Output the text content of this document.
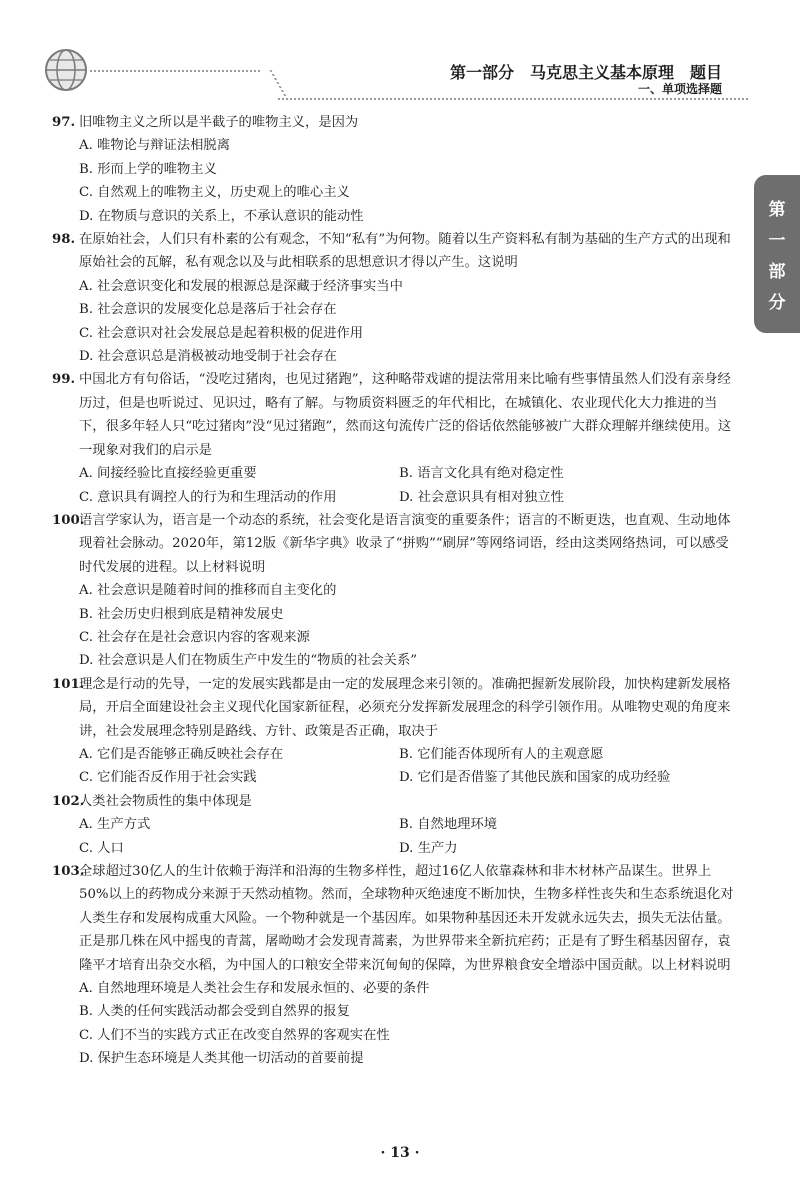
第一部分　马克思主义基本原理　题目
一、单项选择题
第
一
部
分
97. 旧唯物主义之所以是半截子的唯物主义，是因为
A. 唯物论与辩证法相脱离
B. 形而上学的唯物主义
C. 自然观上的唯物主义，历史观上的唯心主义
D. 在物质与意识的关系上，不承认意识的能动性
98. 在原始社会，人们只有朴素的公有观念，不知“私有”为何物。随着以生产资料私有制为基础的生产方式的出现和原始社会的瓦解，私有观念以及与此相联系的思想意识才得以产生。这说明
A. 社会意识变化和发展的根源总是深藏于经济事实当中
B. 社会意识的发展变化总是落后于社会存在
C. 社会意识对社会发展总是起着积极的促进作用
D. 社会意识总是消极被动地受制于社会存在
99. 中国北方有句俗话，“没吃过猪肉，也见过猪跑”，这种略带戏谑的提法常用来比喻有些事情虽然人们没有亲身经历过，但是也听说过、见识过，略有了解。与物质资料匮乏的年代相比，在城镇化、农业现代化大力推进的当下，很多年轻人只“吃过猪肉”没“见过猪跑”，然而这句流传广泛的俗话依然能够被广大群众理解并继续使用。这一现象对我们的启示是
A. 间接经验比直接经验更重要	B. 语言文化具有绝对稳定性
C. 意识具有调控人的行为和生理活动的作用	D. 社会意识具有相对独立性
100.
语言学家认为，语言是一个动态的系统，社会变化是语言演变的重要条件；语言的不断更迭，也直观、生动地体现着社会脉动。2020年，第12版《新华字典》收录了“拼购”“刷屏”等网络词语，经由这类网络热词，可以感受时代发展的进程。以上材料说明
A. 社会意识是随着时间的推移而自主变化的
B. 社会历史归根到底是精神发展史
C. 社会存在是社会意识内容的客观来源
D. 社会意识是人们在物质生产中发生的“物质的社会关系”
101.
理念是行动的先导，一定的发展实践都是由一定的发展理念来引领的。准确把握新发展阶段，加快构建新发展格局，开启全面建设社会主义现代化国家新征程，必须充分发挥新发展理念的科学引领作用。从唯物史观的角度来讲，社会发展理念特别是路线、方针、政策是否正确，取决于
A. 它们是否能够正确反映社会存在	B. 它们能否体现所有人的主观意愿
C. 它们能否反作用于社会实践	D. 它们是否借鉴了其他民族和国家的成功经验
102.
人类社会物质性的集中体现是
A. 生产方式	B. 自然地理环境
C. 人口	D. 生产力
103.
全球超过30亿人的生计依赖于海洋和沿海的生物多样性，超过16亿人依靠森林和非木材林产品谋生。世界上50%以上的药物成分来源于天然动植物。然而，全球物种灭绝速度不断加快，生物多样性丧失和生态系统退化对人类生存和发展构成重大风险。一个物种就是一个基因库。如果物种基因还未开发就永远失去，损失无法估量。正是那几株在风中摇曳的青蒿，屠呦呦才会发现青蒿素，为世界带来全新抗疟药；正是有了野生稻基因留存，袁隆平才培育出杂交水稻，为中国人的口粮安全带来沉甸甸的保障，为世界粮食安全增添中国贡献。以上材料说明
A. 自然地理环境是人类社会生存和发展永恒的、必要的条件
B. 人类的任何实践活动都会受到自然界的报复
C. 人们不当的实践方式正在改变自然界的客观实在性
D. 保护生态环境是人类其他一切活动的首要前提
· 13 ·
